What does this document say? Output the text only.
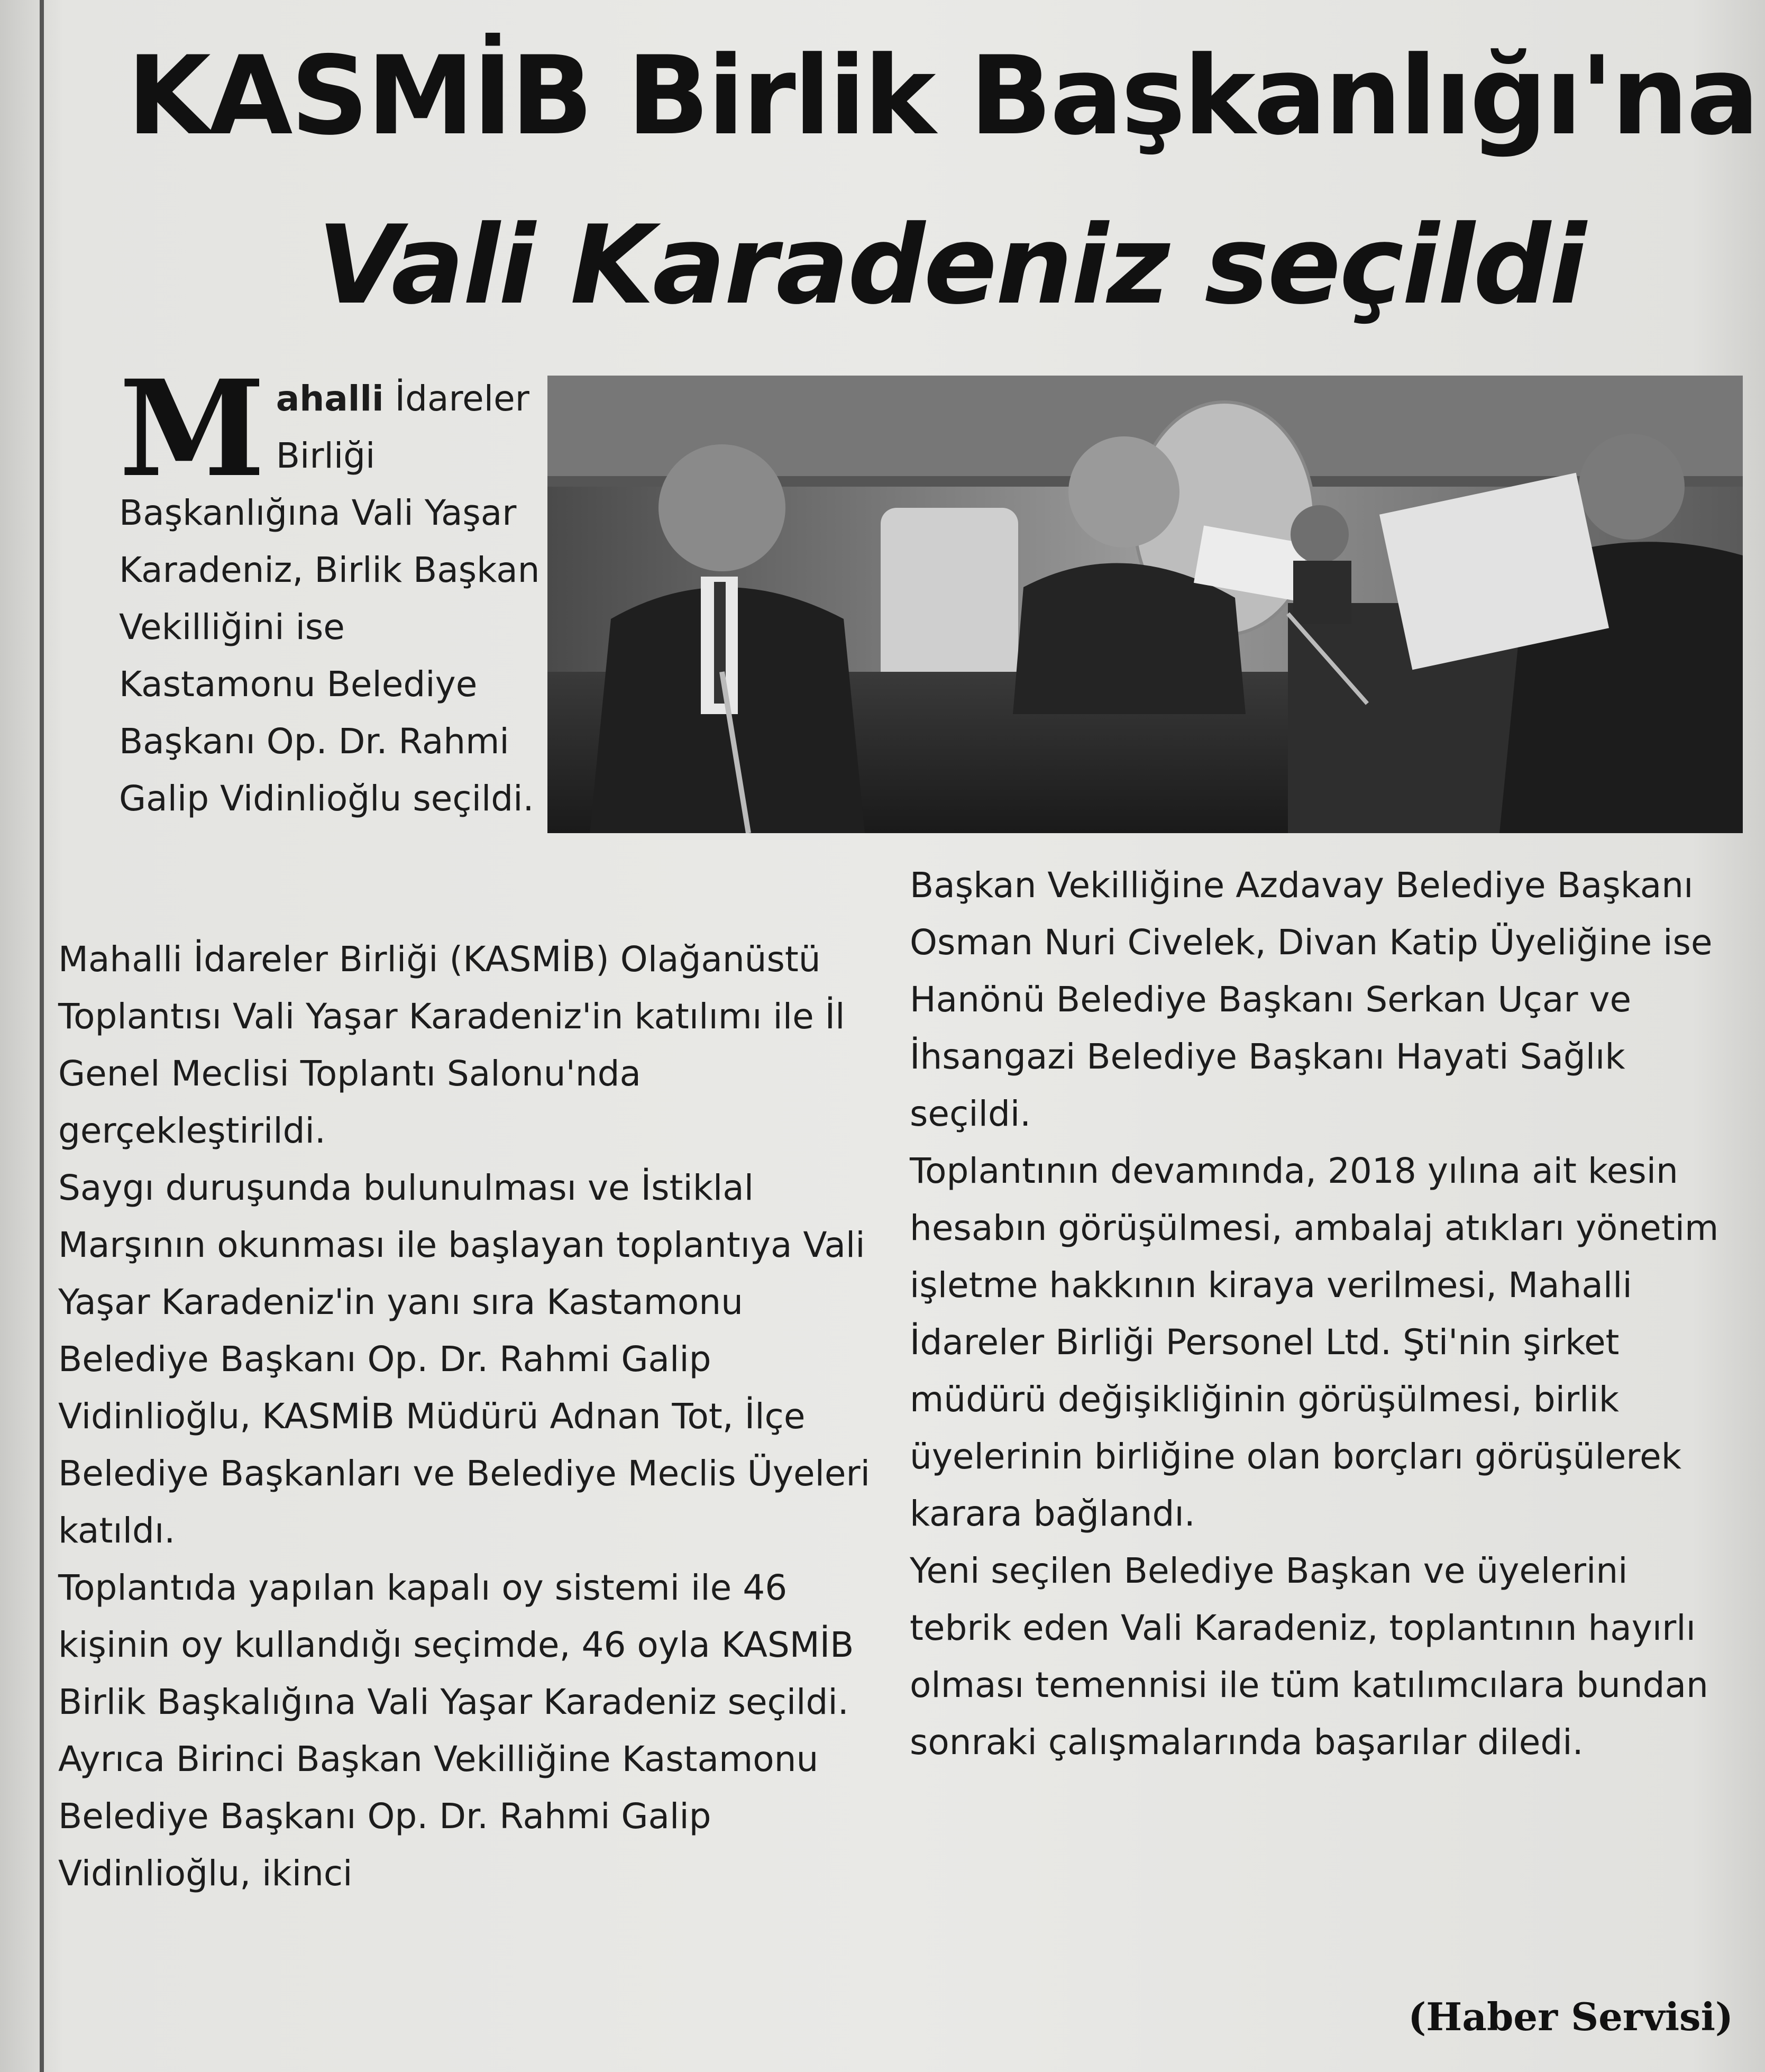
KASMİB Birlik Başkanlığı'na
Vali Karadeniz seçildi
Mahalli İdareler Birliği Başkanlığına Vali Yaşar Karadeniz, Birlik Başkan Vekilliğini ise Kastamonu Belediye Başkanı Op. Dr. Rahmi Galip Vidinlioğlu seçildi.

Mahalli İdareler Birliği (KASMİB) Olağanüstü Toplantısı Vali Yaşar Karadeniz'in katılımı ile İl Genel Meclisi Toplantı Salonu'nda gerçekleştirildi.

Saygı duruşunda bulunulması ve İstiklal Marşının okunması ile başlayan toplantıya Vali Yaşar Karadeniz'in yanı sıra Kastamonu Belediye Başkanı Op. Dr. Rahmi Galip Vidinlioğlu, KASMİB Müdürü Adnan Tot, İlçe Belediye Başkanları ve Belediye Meclis Üyeleri katıldı.

Toplantıda yapılan kapalı oy sistemi ile 46 kişinin oy kullandığı seçimde, 46 oyla KASMİB Birlik Başkalığına Vali Yaşar Karadeniz seçildi. Ayrıca Birinci Başkan Vekilliğine Kastamonu Belediye Başkanı Op. Dr. Rahmi Galip Vidinlioğlu, ikinci

Başkan Vekilliğine Azdavay Belediye Başkanı Osman Nuri Civelek, Divan Katip Üyeliğine ise Hanönü Belediye Başkanı Serkan Uçar ve İhsangazi Belediye Başkanı Hayati Sağlık seçildi.

Toplantının devamında, 2018 yılına ait kesin hesabın görüşülmesi, ambalaj atıkları yönetim işletme hakkının kiraya verilmesi, Mahalli İdareler Birliği Personel Ltd. Şti'nin şirket müdürü değişikliğinin görüşülmesi, birlik üyelerinin birliğine olan borçları görüşülerek karara bağlandı.

Yeni seçilen Belediye Başkan ve üyelerini tebrik eden Vali Karadeniz, toplantının hayırlı olması temennisi ile tüm katılımcılara bundan sonraki çalışmalarında başarılar diledi.

(Haber Servisi)
